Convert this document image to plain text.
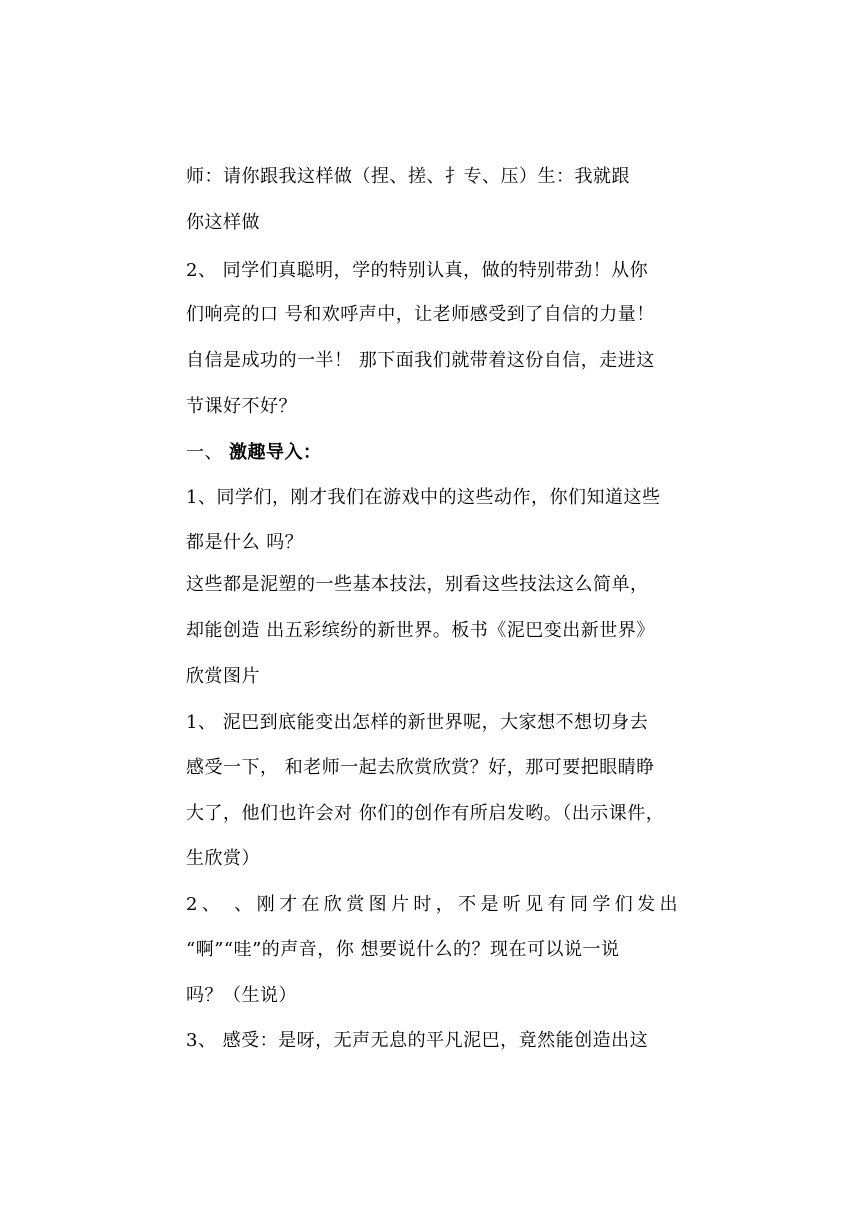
师：请你跟我这样做（捏、搓、扌专、压）生：我就跟
你这样做
2、 同学们真聪明，学的特别认真，做的特别带劲！从你
们响亮的口 号和欢呼声中，让老师感受到了自信的力量！
自信是成功的一半！ 那下面我们就带着这份自信，走进这
节课好不好？
一、 激趣导入：
1、同学们，刚才我们在游戏中的这些动作，你们知道这些
都是什么 吗？
这些都是泥塑的一些基本技法，别看这些技法这么简单，
却能创造 出五彩缤纷的新世界。板书《泥巴变出新世界》
欣赏图片
1、 泥巴到底能变出怎样的新世界呢，大家想不想切身去
感受一下， 和老师一起去欣赏欣赏？好，那可要把眼睛睁
大了，他们也许会对 你们的创作有所启发哟。（出示课件，
生欣赏）
2、 、刚才在欣赏图片时，不是听见有同学们发出
“啊”“哇”的声音，你 想要说什么的？现在可以说一说
吗？（生说）
3、 感受：是呀，无声无息的平凡泥巴，竟然能创造出这
